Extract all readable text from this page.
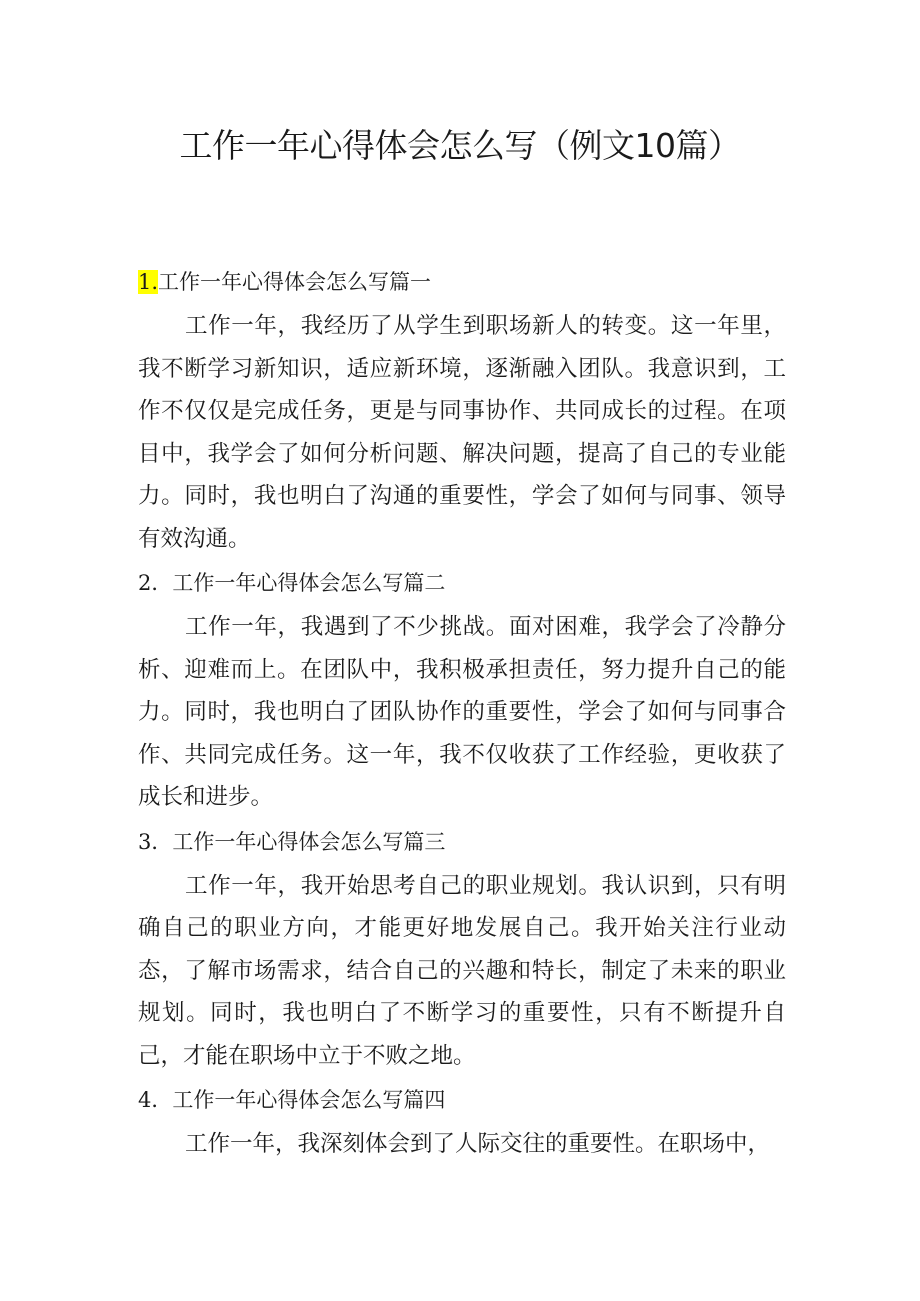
工作一年心得体会怎么写（例文10篇）
1.工作一年心得体会怎么写篇一

工作一年，我经历了从学生到职场新人的转变。这一年里，我不断学习新知识，适应新环境，逐渐融入团队。我意识到，工作不仅仅是完成任务，更是与同事协作、共同成长的过程。在项目中，我学会了如何分析问题、解决问题，提高了自己的专业能力。同时，我也明白了沟通的重要性，学会了如何与同事、领导有效沟通。

2．工作一年心得体会怎么写篇二

工作一年，我遇到了不少挑战。面对困难，我学会了冷静分析、迎难而上。在团队中，我积极承担责任，努力提升自己的能力。同时，我也明白了团队协作的重要性，学会了如何与同事合作、共同完成任务。这一年，我不仅收获了工作经验，更收获了成长和进步。

3．工作一年心得体会怎么写篇三

工作一年，我开始思考自己的职业规划。我认识到，只有明确自己的职业方向，才能更好地发展自己。我开始关注行业动态，了解市场需求，结合自己的兴趣和特长，制定了未来的职业规划。同时，我也明白了不断学习的重要性，只有不断提升自己，才能在职场中立于不败之地。

4．工作一年心得体会怎么写篇四

工作一年，我深刻体会到了人际交往的重要性。在职场中，
